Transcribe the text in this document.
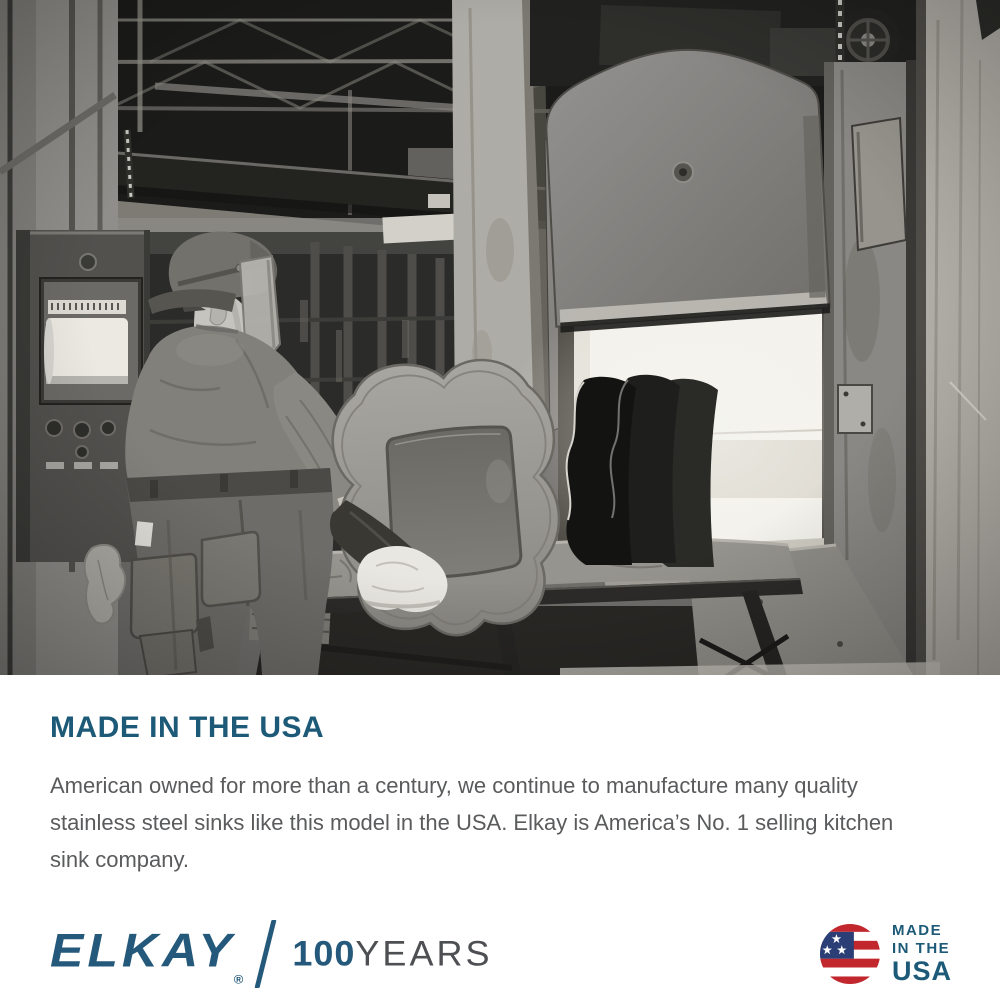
MADE IN THE USA

American owned for more than a century, we continue to manufacture many quality stainless steel sinks like this model in the USA. Elkay is America’s No. 1 selling kitchen sink company.

$ELKAY_®$
100YEARS
MADE
IN THE
USA
